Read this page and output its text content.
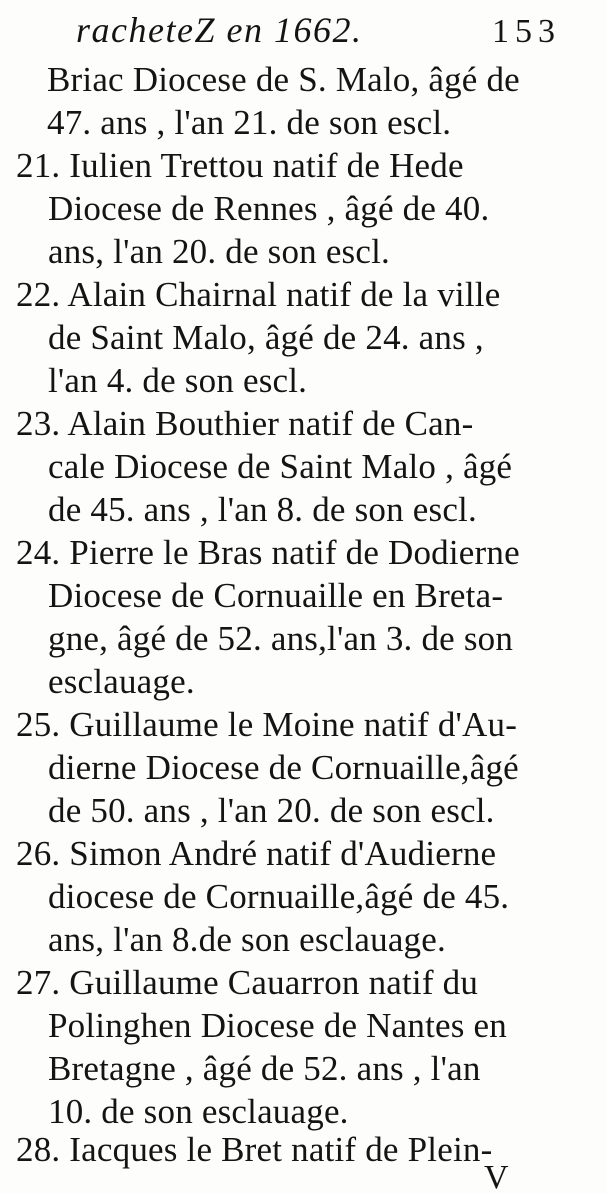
racheteZ en 1662.	153
Briac Diocese de S. Malo, âgé de
47. ans , l'an 21. de son escl.
21. Iulien Trettou natif de Hede
Diocese de Rennes , âgé de 40.
ans, l'an 20. de son escl.
22. Alain Chairnal natif de la ville
de Saint Malo, âgé de 24. ans ,
l'an 4. de son escl.
23. Alain Bouthier natif de Can-
cale Diocese de Saint Malo , âgé
de 45. ans , l'an 8. de son escl.
24. Pierre le Bras natif de Dodierne
Diocese de Cornuaille en Breta-
gne, âgé de 52. ans,l'an 3. de son
esclauage.
25. Guillaume le Moine natif d'Au-
dierne Diocese de Cornuaille,âgé
de 50. ans , l'an 20. de son escl.
26. Simon André natif d'Audierne
diocese de Cornuaille,âgé de 45.
ans, l'an 8.de son esclauage.
27. Guillaume Cauarron natif du
Polinghen Diocese de Nantes en
Bretagne , âgé de 52. ans , l'an
10. de son esclauage.
28. Iacques le Bret natif de Plein-
V
